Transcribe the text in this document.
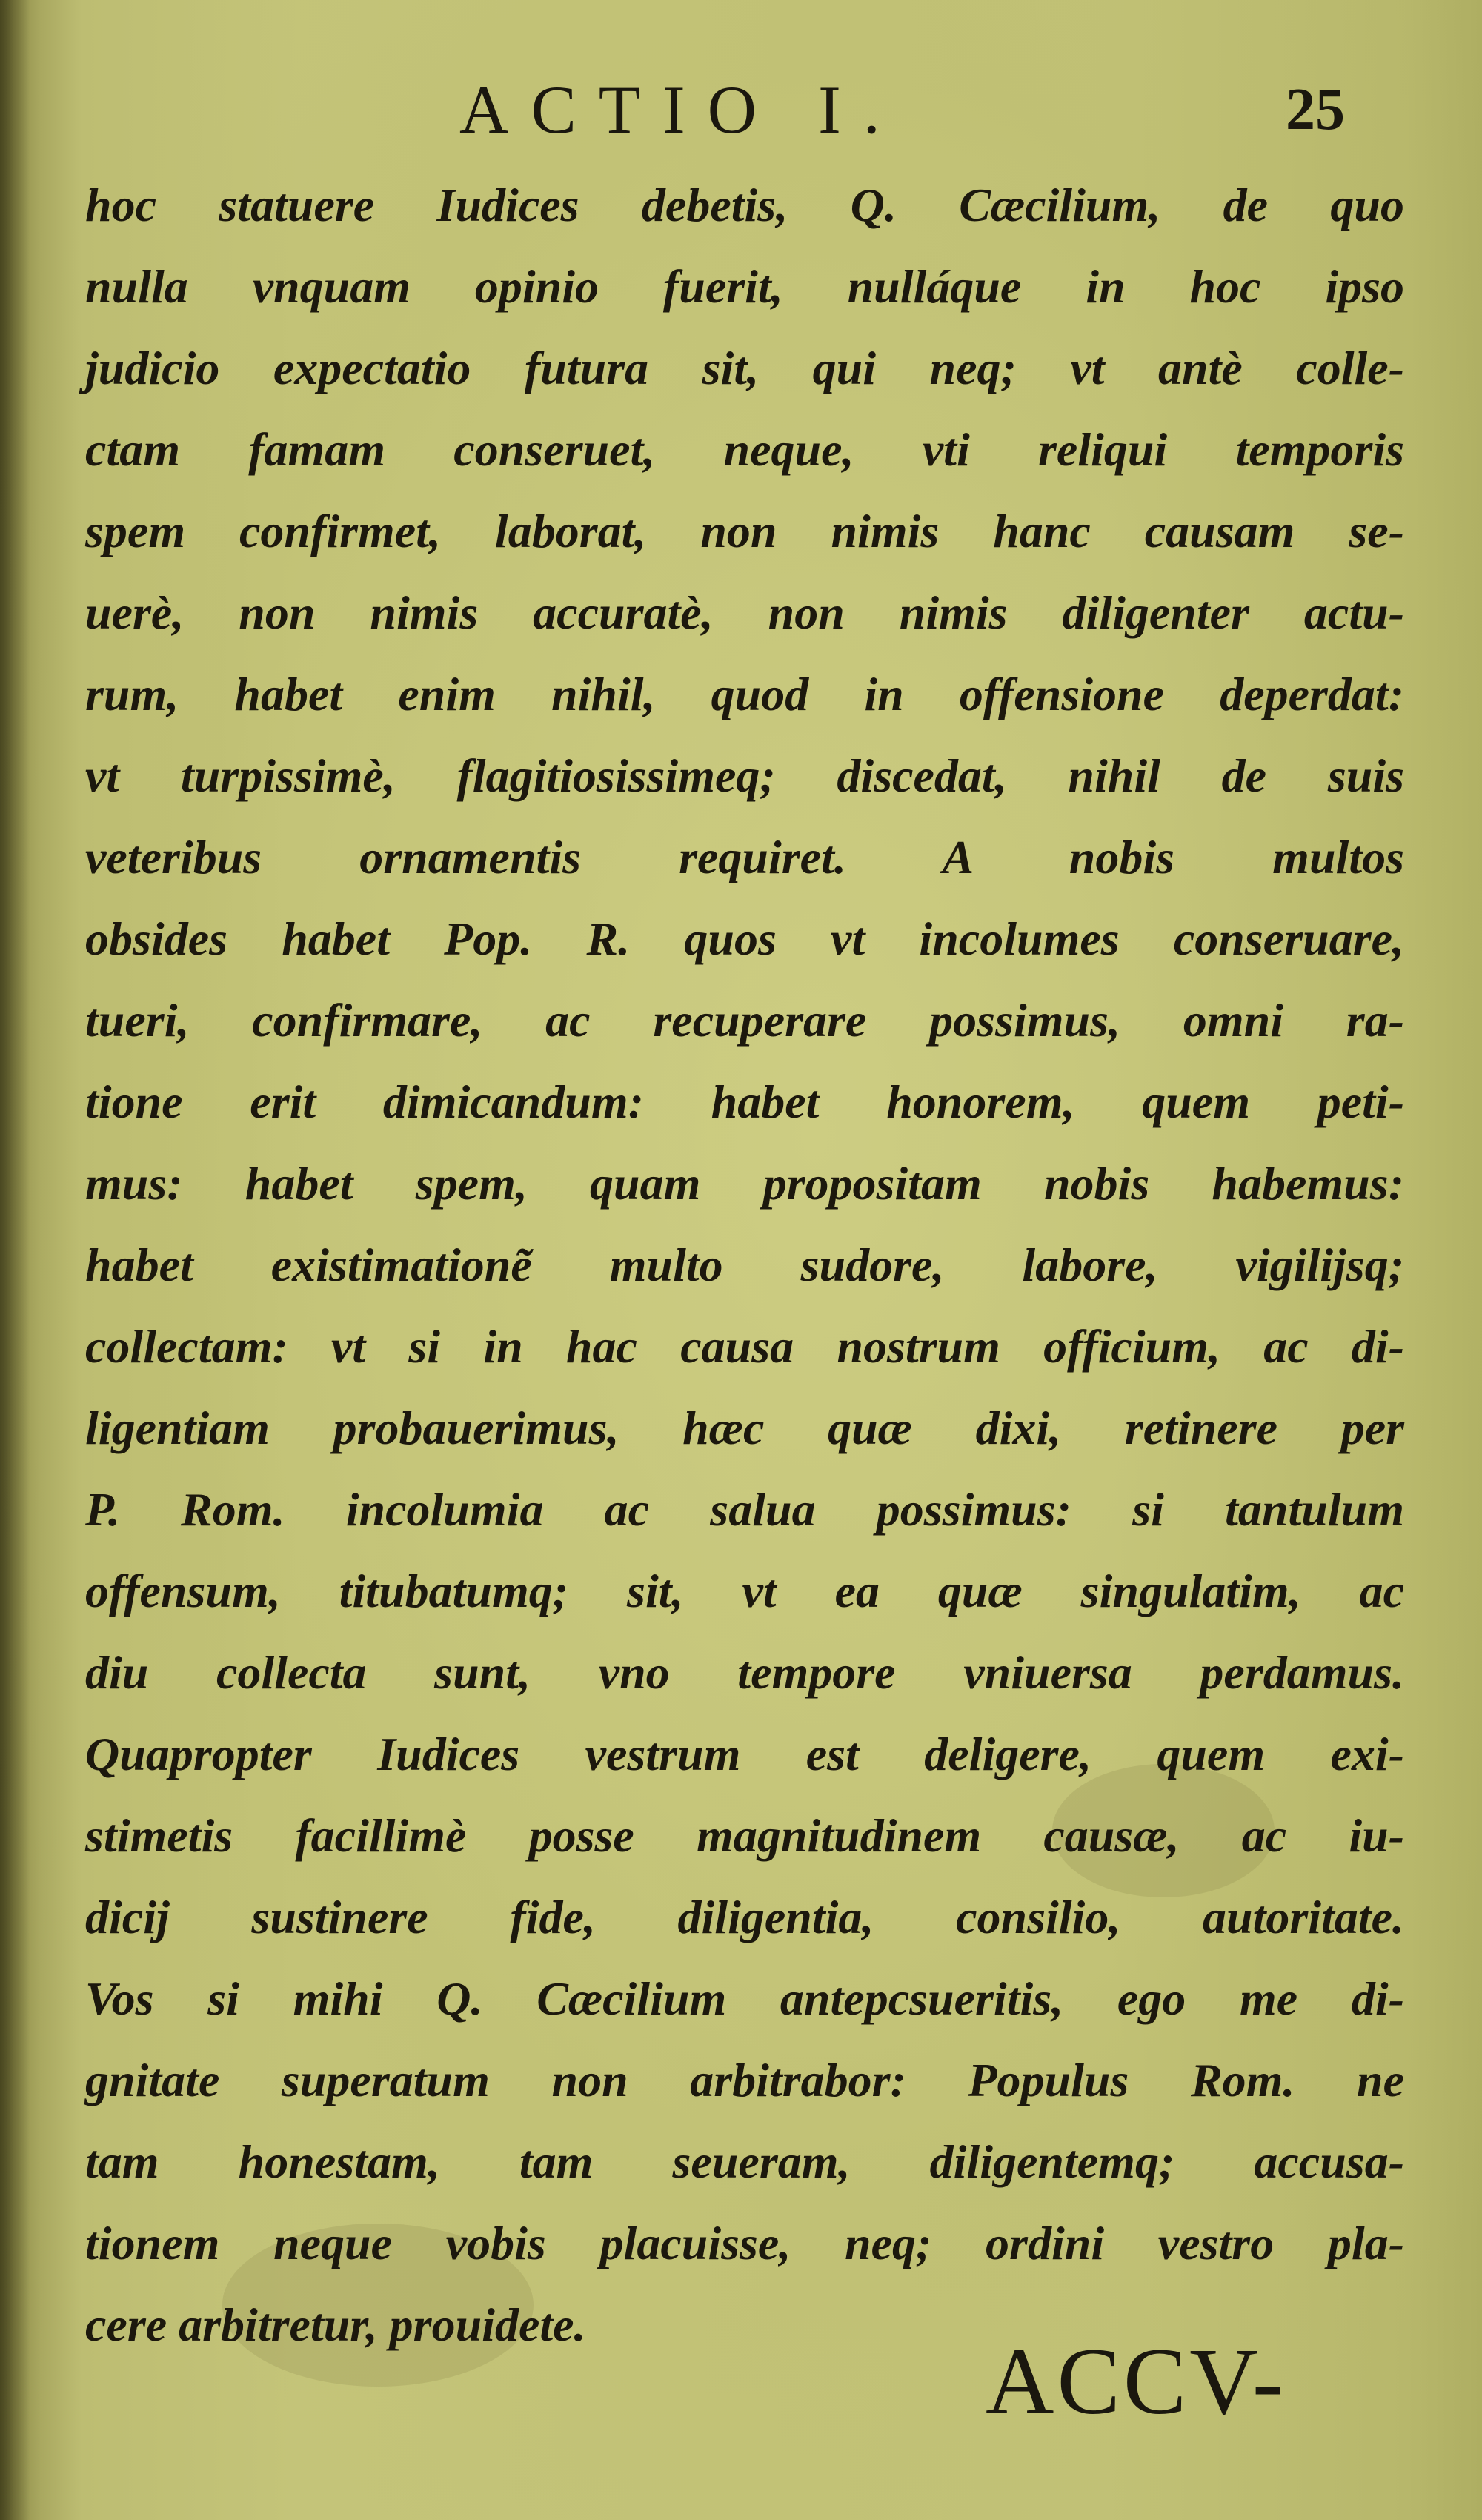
ACTIO I.	25
hoc statuere Iudices debetis, Q. Cæcilium, de quo
nulla vnquam opinio fuerit, nulláque in hoc ipso
judicio expectatio futura sit, qui neq; vt antè colle-
ctam famam conseruet, neque, vti reliqui temporis
spem confirmet, laborat, non nimis hanc causam se-
uerè, non nimis accuratè, non nimis diligenter actu-
rum, habet enim nihil, quod in offensione deperdat:
vt turpissimè, flagitiosissimeq; discedat, nihil de suis
veteribus ornamentis requiret. A nobis multos
obsides habet Pop. R. quos vt incolumes conseruare,
tueri, confirmare, ac recuperare possimus, omni ra-
tione erit dimicandum: habet honorem, quem peti-
mus: habet spem, quam propositam nobis habemus:
habet existimationẽ multo sudore, labore, vigilijsq;
collectam: vt si in hac causa nostrum officium, ac di-
ligentiam probauerimus, hæc quæ dixi, retinere per
P. Rom. incolumia ac salua possimus: si tantulum
offensum, titubatumq; sit, vt ea quæ singulatim, ac
diu collecta sunt, vno tempore vniuersa perdamus.
Quapropter Iudices vestrum est deligere, quem exi-
stimetis facillimè posse magnitudinem causæ, ac iu-
dicij sustinere fide, diligentia, consilio, autoritate.
Vos si mihi Q. Cæcilium antepcsueritis, ego me di-
gnitate superatum non arbitrabor: Populus Rom. ne
tam honestam, tam seueram, diligentemq; accusa-
tionem neque vobis placuisse, neq; ordini vestro pla-
cere arbitretur, prouidete.
ACCV-
